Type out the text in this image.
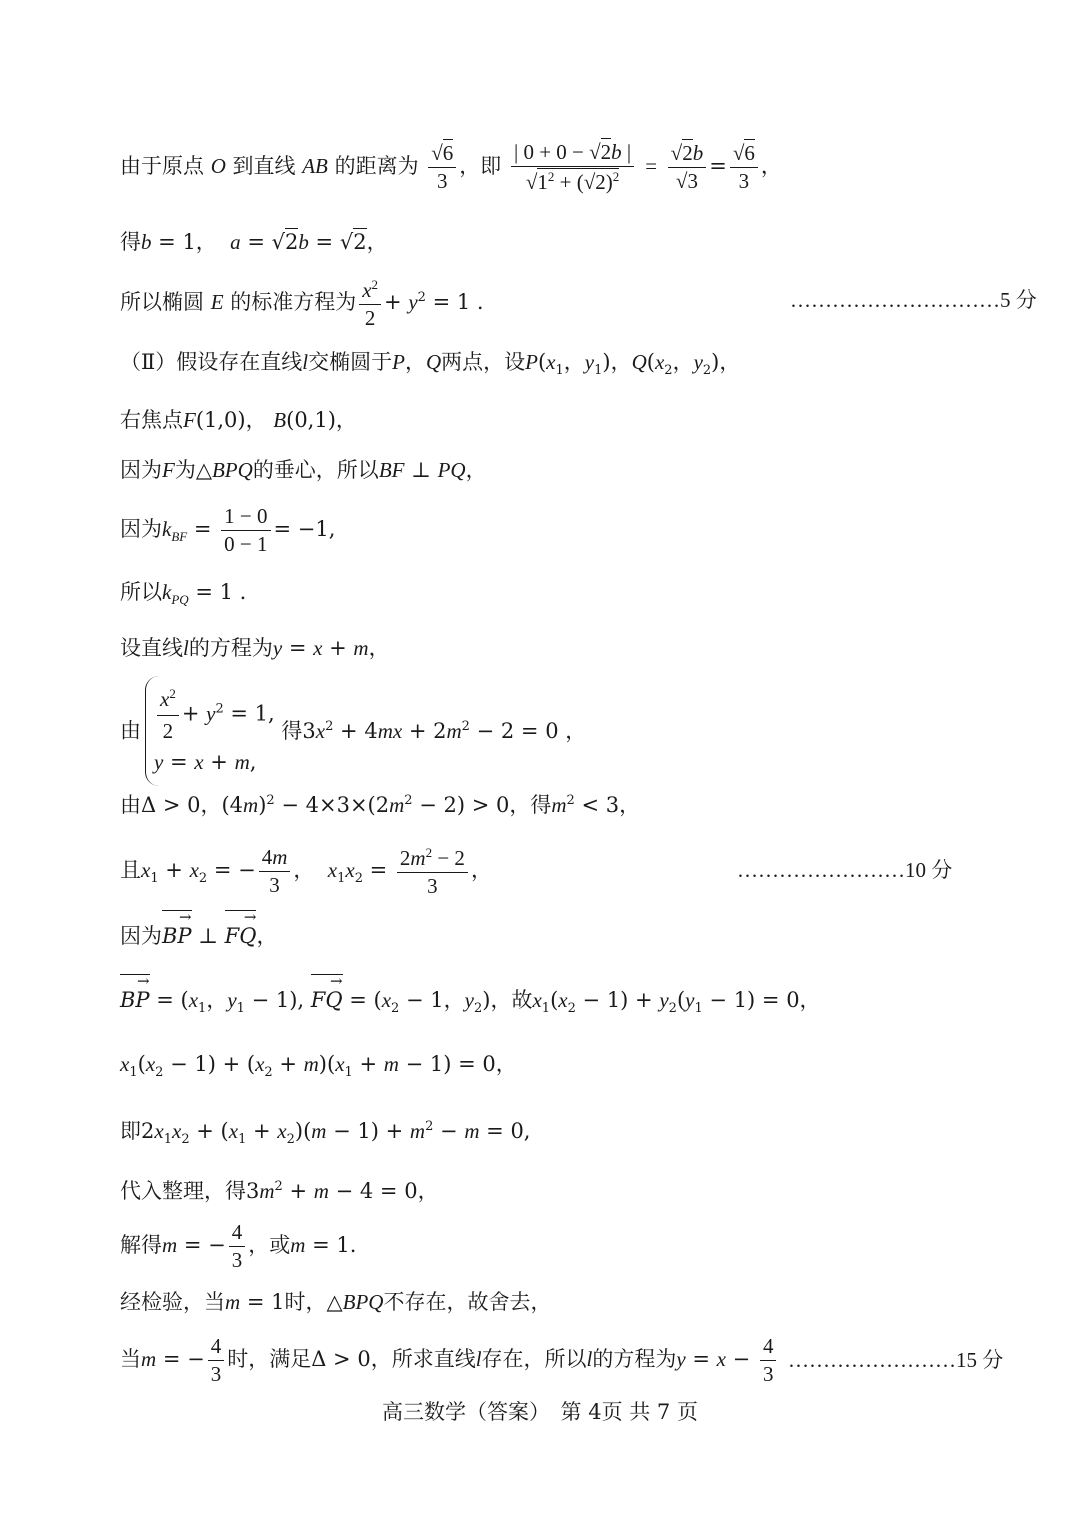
由于原点 O 到直线 AB 的距离为 $\frac{√6}{3}$ ，即 $\frac{| 0 + 0 - √2b |}{√1^2 + (√2)^2} = \frac{√2b}{√3} = \frac{√6}{3}$ ，
得b = 1，  a = √2b = √2，
所以椭圆 E 的标准方程为 $\frac{x^2}{2} + y^2 = 1$ .	…………………………5 分
（Ⅱ）假设存在直线l交椭圆于P，Q两点，设$P(x_1$，$y_1$)，$Q(x_2$，$y_2$)，
右焦点F(1,0)， B(0,1)，
因为F为△BPQ的垂心，所以BF ⊥ PQ，
因为$k_{BF} = \frac{1 - 0}{0 - 1} = -1$,
所以$k_{PQ} = 1$ .
设直线l的方程为y = x + m，
由 $\frac{x^2}{2} + y^2 = 1$,
y = x + m,
得$3x^2 + 4mx + 2m^2 - 2 = 0$ ，
由Δ > 0，$(4m)^2 - 4\times 3\times(2m^2 - 2) > 0$，得$m^2 < 3$，
且$x_1 + x_2$ = − $\frac{4m}{3}$ ，  $x_1x_2 = \frac{2m^2 - 2}{3}$ ，	……………………10 分
因为→ BP ⊥ → FQ，
→ BP = ($x_1$，$y_1 - 1$), → FQ = ($x_2 - 1$，$y_2$)，故$x_1(x_2 - 1) + y_2(y_1 - 1) = 0$，
$x_1(x_2 - 1) + (x_2 + m)(x_1 + m - 1) = 0$，
即$2x_1x_2 + (x_1 + x_2)(m - 1) + m^2 - m = 0$,
代入整理，得$3m^2 + m - 4 = 0$，
解得m = − $\frac{4}{3}$ ，或m = 1.
经检验，当m = 1时，△BPQ不存在，故舍去，
当m = − $\frac{4}{3}$ 时，满足Δ > 0，所求直线l存在，所以l的方程为$y = x - \frac{4}{3}$ ……………………15 分
高三数学（答案）　第 4页 共 7 页
